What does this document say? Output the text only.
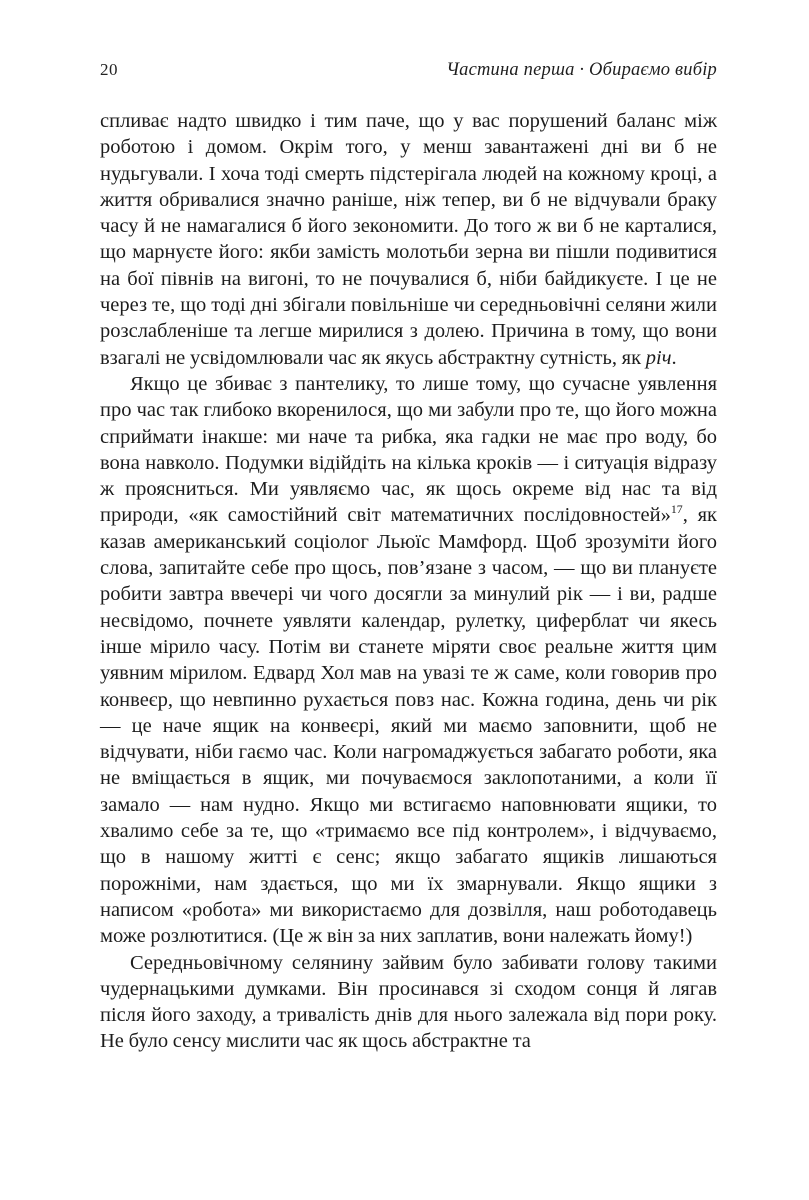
20	Частина перша · Обираємо вибір

спливає надто швидко і тим паче, що у вас порушений баланс між роботою і домом. Окрім того, у менш завантажені дні ви б не нудьгували. І хоча тоді смерть підстерігала людей на кожному кроці, а життя обривалися значно раніше, ніж тепер, ви б не відчували браку часу й не намагалися б його зекономити. До того ж ви б не карталися, що марнуєте його: якби замість молотьби зерна ви пішли подивитися на бої півнів на вигоні, то не почувалися б, ніби байдикуєте. І це не через те, що тоді дні збігали повільніше чи середньовічні селяни жили розслабленіше та легше мирилися з долею. Причина в тому, що вони взагалі не усвідомлювали час як якусь абстрактну сутність, як річ.

Якщо це збиває з пантелику, то лише тому, що сучасне уявлення про час так глибоко вкоренилося, що ми забули про те, що його можна сприймати інакше: ми наче та рибка, яка гадки не має про воду, бо вона навколо. Подумки відійдіть на кілька кроків — і ситуація відразу ж проясниться. Ми уявляємо час, як щось окреме від нас та від природи, «як самостійний світ математичних послідовностей»$^{17}$, як казав американський соціолог Льюїс Мамфорд. Щоб зрозуміти його слова, запитайте себе про щось, пов’язане з часом, — що ви плануєте робити завтра ввечері чи чого досягли за минулий рік — і ви, радше несвідомо, почнете уявляти календар, рулетку, циферблат чи якесь інше мірило часу. Потім ви станете міряти своє реальне життя цим уявним мірилом. Едвард Хол мав на увазі те ж саме, коли говорив про конвеєр, що невпинно рухається повз нас. Кожна година, день чи рік — це наче ящик на конвеєрі, який ми маємо заповнити, щоб не відчувати, ніби гаємо час. Коли нагромаджується забагато роботи, яка не вміщається в ящик, ми почуваємося заклопотаними, а коли її замало — нам нудно. Якщо ми встигаємо наповнювати ящики, то хвалимо себе за те, що «тримаємо все під контролем», і відчуваємо, що в нашому житті є сенс; якщо забагато ящиків лишаються порожніми, нам здається, що ми їх змарнували. Якщо ящики з написом «робота» ми використаємо для дозвілля, наш роботодавець може розлютитися. (Це ж він за них заплатив, вони належать йому!)

Середньовічному селянину зайвим було забивати голову такими чудернацькими думками. Він просинався зі сходом сонця й лягав після його заходу, а тривалість днів для нього залежала від пори року. Не було сенсу мислити час як щось абстрактне та
